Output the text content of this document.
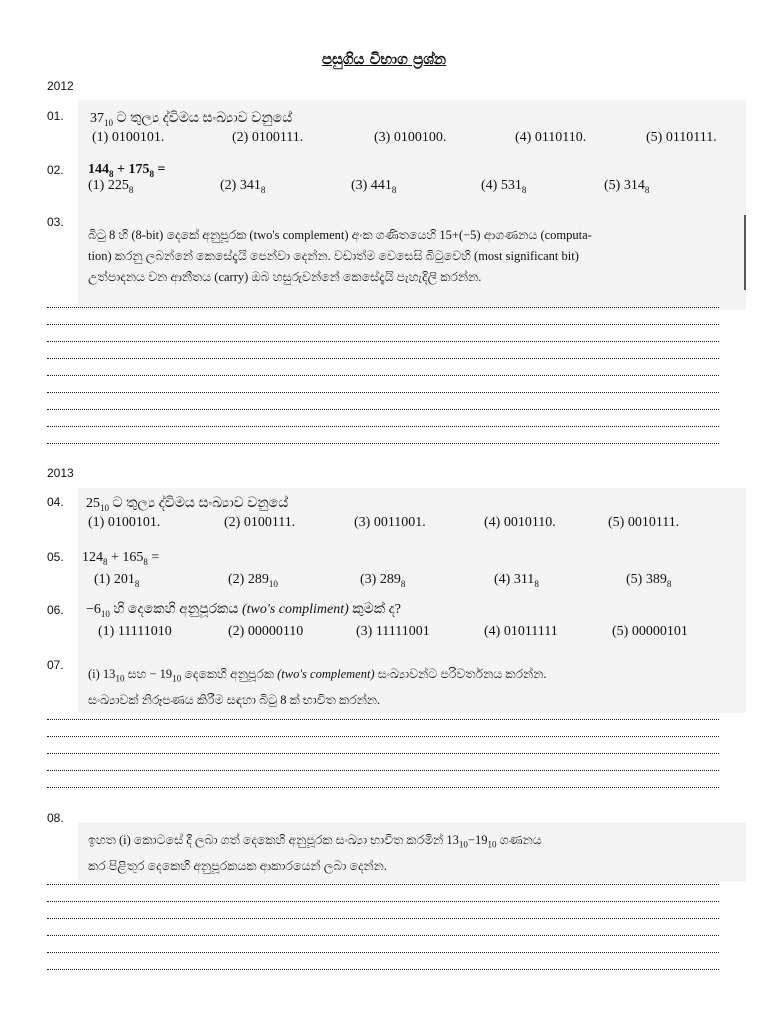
පසුගිය විභාග ප්‍රශ්න
2012
01. $37_{10}$ ට තුල්‍ය ද්විමය සංඛ්‍යාව වනුයේ
(1) 0100101.	(2) 0100111.	(3) 0100100.	(4) 0110110.	(5) 0110111.
02. $144_8 + 175_8$ =
(1) $225_8$	(2) $341_8$	(3) $441_8$	(4) $531_8$	(5) $314_8$
03.
බිටු 8 හි (8-bit) දෙකේ අනුපූරක (two's complement) අංක ගණිතයෙහි 15+(−5) ආගණනය (computa-
tion) කරනු ලබන්නේ කෙසේදැයි පෙන්වා දෙන්න. වඩාත්ම වෙසෙසි බිටුවෙහි (most significant bit)
උත්පාදනය වන ආනීතය (carry) ඔබ හසුරුවන්නේ කෙසේදැයි පැහැදිලි කරන්න.
2013
04. $25_{10}$ ට තුල්‍ය ද්විමය සංඛ්‍යාව වනුයේ
(1) 0100101.	(2) 0100111.	(3) 0011001.	(4) 0010110.	(5) 0010111.
05. $124_8 + 165_8$ =
(1) $201_8$	(2) $289_{10}$	(3) $289_8$	(4) $311_8$	(5) $389_8$
06. $-6_{10}$ හි දෙකෙහි අනුපූරකය (two's compliment) කුමක් ද?
(1) 11111010	(2) 00000110	(3) 11111001	(4) 01011111	(5) 00000101
07.
(i) $13_{10}$ සහ − $19_{10}$ දෙකෙහි අනුපූරක (two's complement) සංඛ්‍යාවන්ට පරිවර්තනය කරන්න.
සංඛ්‍යාවක් නිරූපණය කිරීම සඳහා බිටු 8 ක් භාවිත කරන්න.
08.
ඉහත (i) කොටසේ දී ලබා ගත් දෙකෙහි අනුපූරක සංඛ්‍යා භාවිත කරමින් $13_{10}-19_{10}$ ගණනය
කර පිළිතුර දෙකෙහි අනුපූරකයක ආකාරයෙන් ලබා දෙන්න.
